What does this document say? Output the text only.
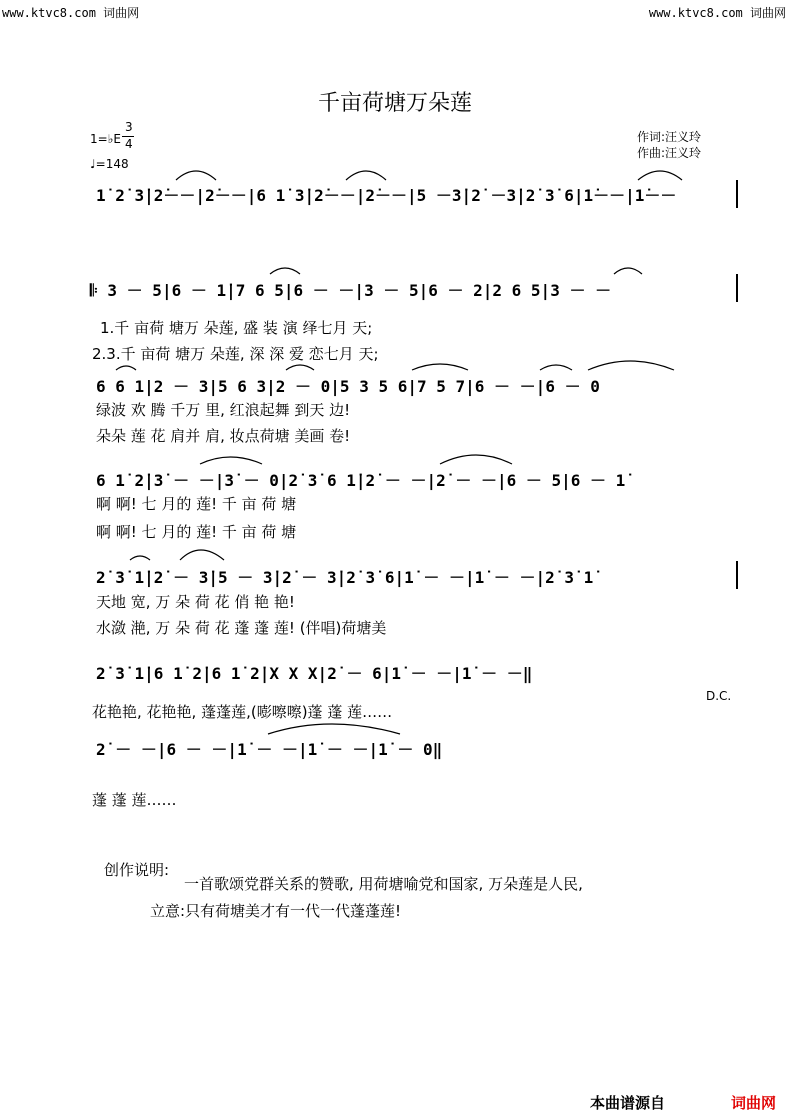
www.ktvc8.com 词曲网	www.ktvc8.com 词曲网
千亩荷塘万朵莲
1=♭E
3
4
♩=148
作词:汪义玲
作曲:汪义玲
1̇ 2̇ 3̇|2̇－－|2̇－－|6 1̇ 3̇|2̇－－|2̇－－|5 －3̇|2̇ －3̇|2̇ 3̇ 6|1̇－－|1̇－－
𝄆 3 － 5|6 － 1̇|7 6 5|6 － －|3 － 5|6 － 2|2 6 5|3 － －
1.千 亩荷 塘万 朵莲, 盛 装 演 绎七月 天;
2.3.千 亩荷 塘万 朵莲, 深 深 爱 恋七月 天;
6 6 1|2 － 3|5 6 3|2 － 0|5 3 5 6|7 5 7|6 － －|6 － 0
绿波 欢 腾 千万 里, 红浪起舞 到天 边!
朵朵 莲 花 肩并 肩, 妆点荷塘 美画 卷!
6 1̇ 2̇|3̇ － －|3̇ － 0|2̇ 3̇ 6 1̇|2̇ － －|2̇ － －|6 － 5|6 － 1̇
啊 啊! 七 月的 莲! 千 亩 荷 塘
啊 啊! 七 月的 莲! 千 亩 荷 塘
2̇ 3̇ 1̇|2̇ － 3̇|5 － 3̇|2̇ － 3̇|2̇ 3̇ 6|1̇ － －|1̇ － －|2̇ 3̇ 1̇
天地 宽, 万 朵 荷 花 俏 艳 艳!
水潋 滟, 万 朵 荷 花 蓬 蓬 莲! (伴唱)荷塘美
2̇ 3̇ 1̇|6 1̇ 2̇|6 1̇ 2̇|X X X|2̇ － 6|1̇ － －|1̇ － －‖
D.C.
花艳艳, 花艳艳, 蓬蓬莲,(嘭嚓嚓)蓬 蓬 莲……
2̇ － －|6 － －|1̇ － －|1̇ － －|1̇ － 0‖
蓬 蓬 莲……
创作说明:
一首歌颂党群关系的赞歌, 用荷塘喻党和国家, 万朵莲是人民,
立意:只有荷塘美才有一代一代蓬蓬莲!
本曲谱源自	词曲网
